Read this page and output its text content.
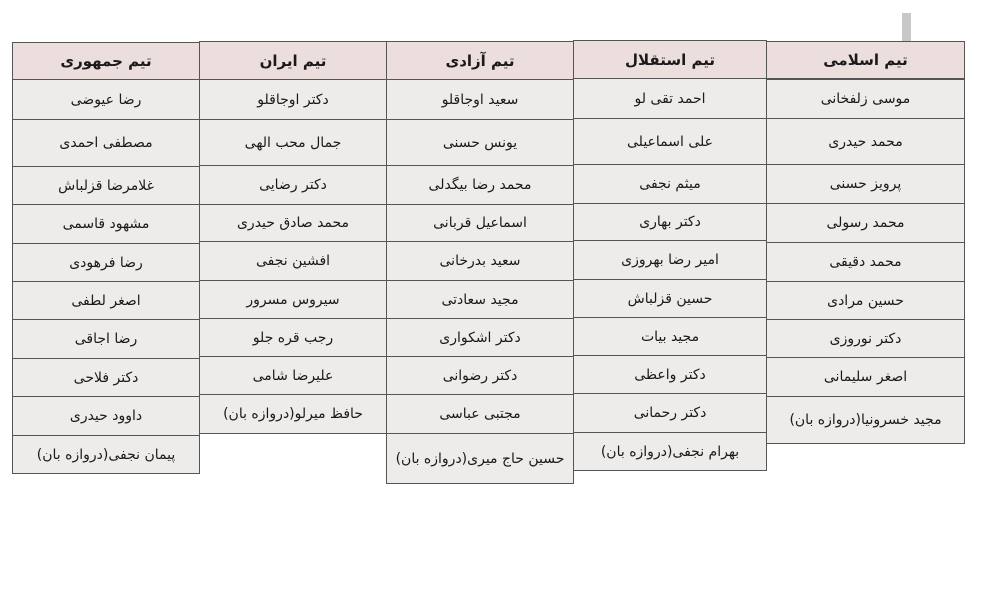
تیم اسلامی
موسی زلفخانی
محمد حیدری
پرویز حسنی
محمد رسولی
محمد دقیقی
حسین مرادی
دکتر نوروزی
اصغر سلیمانی
مجید خسرونیا(دروازه بان)
تیم استقلال
احمد تقی لو
علی اسماعیلی
میثم نجفی
دکتر بهاری
امیر رضا بهروزی
حسین قزلباش
مجید بیات
دکتر واعظی
دکتر رحمانی
بهرام نجفی(دروازه بان)
تیم آزادی
سعید اوجاقلو
یونس حسنی
محمد رضا بیگدلی
اسماعیل قربانی
سعید بدرخانی
مجید سعادتی
دکتر اشکواری
دکتر رضوانی
مجتبی عباسی
حسین حاج میری(دروازه بان)
تیم ایران
دکتر اوجاقلو
جمال محب الهی
دکتر رضایی
محمد صادق حیدری
افشین نجفی
سیروس مسرور
رجب قره جلو
علیرضا شامی
حافظ میرلو(دروازه بان)
تیم جمهوری
رضا عیوضی
مصطفی احمدی
غلامرضا قزلباش
مشهود قاسمی
رضا فرهودی
اصغر لطفی
رضا اجاقی
دکتر فلاحی
داوود حیدری
پیمان نجفی(دروازه بان)
